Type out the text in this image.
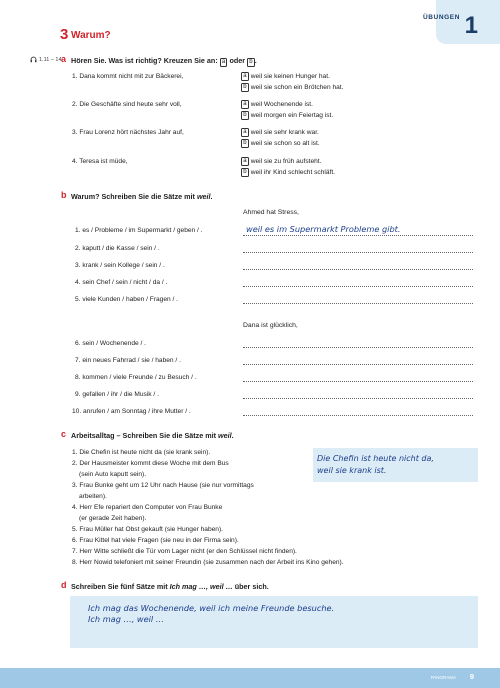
ÜBUNGEN 1
3 Warum?
1.11 – 14 a Hören Sie. Was ist richtig? Kreuzen Sie an: a oder b .
1. Dana kommt nicht mit zur Bäckerei,	a weil sie keinen Hunger hat.
b weil sie schon ein Brötchen hat.
2. Die Geschäfte sind heute sehr voll,	a weil Wochenende ist.
b weil morgen ein Feiertag ist.
3. Frau Lorenz hört nächstes Jahr auf,	a weil sie sehr krank war.
b weil sie schon so alt ist.
4. Teresa ist müde,	a weil sie zu früh aufsteht.
b weil ihr Kind schlecht schläft.
b Warum? Schreiben Sie die Sätze mit weil.
Ahmed hat Stress,
1. es / Probleme / im Supermarkt / geben / .	weil es im Supermarkt Probleme gibt.
2. kaputt / die Kasse / sein / .
3. krank / sein Kollege / sein / .
4. sein Chef / sein / nicht / da / .
5. viele Kunden / haben / Fragen / .
Dana ist glücklich,
6. sein / Wochenende / .
7. ein neues Fahrrad / sie / haben / .
8. kommen / viele Freunde / zu Besuch / .
9. gefallen / ihr / die Musik / .
10. anrufen / am Sonntag / ihre Mutter / .
c Arbeitsalltag – Schreiben Sie die Sätze mit weil.
1. Die Chefin ist heute nicht da (sie krank sein).
2. Der Hausmeister kommt diese Woche mit dem Bus
(sein Auto kaputt sein).
3. Frau Bunke geht um 12 Uhr nach Hause (sie nur vormittags
arbeiten).
4. Herr Efe repariert den Computer von Frau Bunke
(er gerade Zeit haben).
5. Frau Müller hat Obst gekauft (sie Hunger haben).
6. Frau Kittel hat viele Fragen (sie neu in der Firma sein).
7. Herr Witte schließt die Tür vom Lager nicht (er den Schlüssel nicht finden).
8. Herr Nowid telefoniert mit seiner Freundin (sie zusammen nach der Arbeit ins Kino gehen).
Die Chefin ist heute nicht da,
weil sie krank ist.
d Schreiben Sie fünf Sätze mit Ich mag …, weil … über sich.
Ich mag das Wochenende, weil ich meine Freunde besuche.
Ich mag …, weil …
PANORAMA 9
